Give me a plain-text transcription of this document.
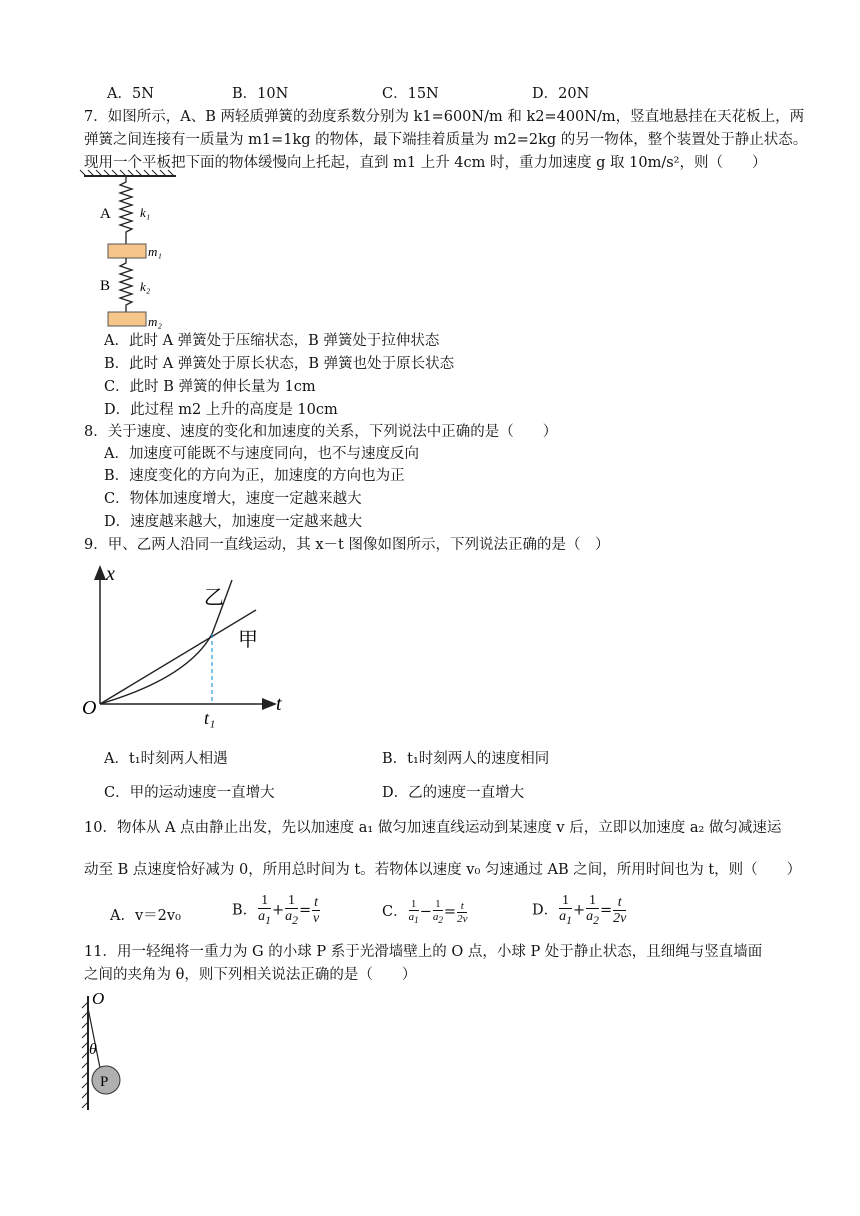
A．5N	B．10N	C．15N	D．20N
7．如图所示，A、B 两轻质弹簧的劲度系数分别为 k1=600N/m 和 k2=400N/m，竖直地悬挂在天花板上，两
弹簧之间连接有一质量为 m1=1kg 的物体，最下端挂着质量为 m2=2kg 的另一物体，整个装置处于静止状态。
现用一个平板把下面的物体缓慢向上托起，直到 m1 上升 4cm 时，重力加速度 g 取 10m/s²，则（　　）
A k₁
m₁
B k₂
m₂
A．此时 A 弹簧处于压缩状态，B 弹簧处于拉伸状态
B．此时 A 弹簧处于原长状态，B 弹簧也处于原长状态
C．此时 B 弹簧的伸长量为 1cm
D．此过程 m2 上升的高度是 10cm
8．关于速度、速度的变化和加速度的关系，下列说法中正确的是（　　）
A．加速度可能既不与速度同向，也不与速度反向
B．速度变化的方向为正，加速度的方向也为正
C．物体加速度增大，速度一定越来越大
D．速度越来越大，加速度一定越来越大
9．甲、乙两人沿同一直线运动，其 x－t 图像如图所示，下列说法正确的是（　）
x
t
O	t₁
甲
乙
A．t₁时刻两人相遇	B．t₁时刻两人的速度相同
C．甲的运动速度一直增大	D．乙的速度一直增大
10．物体从 A 点由静止出发，先以加速度 a₁ 做匀加速直线运动到某速度 v 后，立即以加速度 a₂ 做匀减速运
动至 B 点速度恰好减为 0，所用总时间为 t。若物体以速度 v₀ 匀速通过 AB 之间，所用时间也为 t，则（　　）
A．v＝2v₀	B． $\frac{1}{a_1} + \frac{1}{a_2} = \frac{t}{v}$	C． $\frac{1}{a_1} - \frac{1}{a_2} = \frac{t}{2v}$	D． $\frac{1}{a_1} + \frac{1}{a_2} = \frac{t}{2v}$
11．用一轻绳将一重力为 G 的小球 P 系于光滑墙壁上的 O 点，小球 P 处于静止状态，且细绳与竖直墙面
之间的夹角为 θ，则下列相关说法正确的是（　　）
O
θ
P
